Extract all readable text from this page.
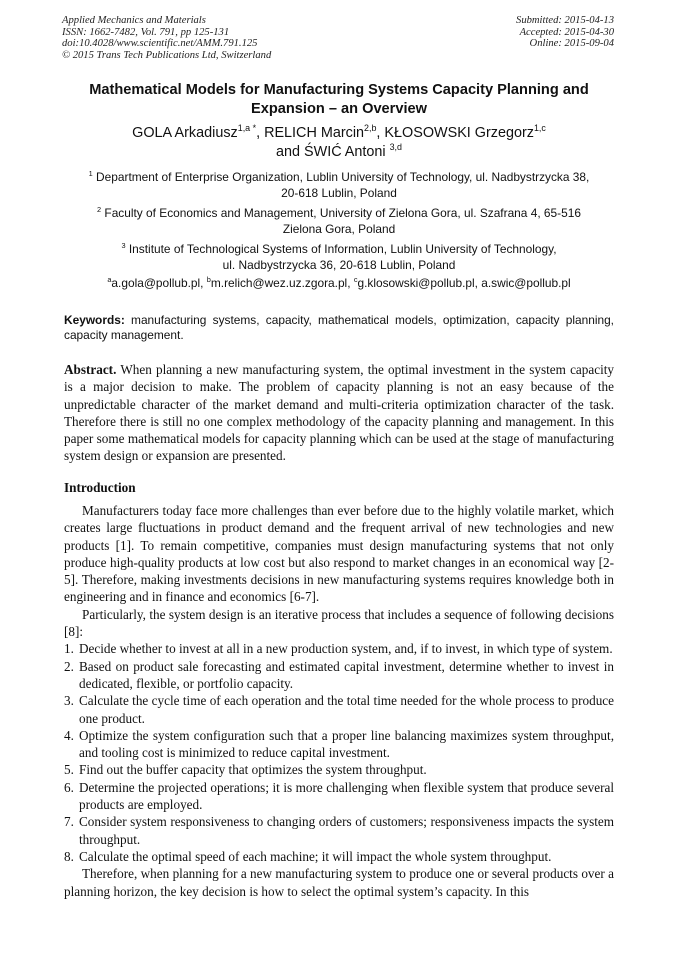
Applied Mechanics and Materials
ISSN: 1662-7482, Vol. 791, pp 125-131
doi:10.4028/www.scientific.net/AMM.791.125
© 2015 Trans Tech Publications Ltd, Switzerland
Submitted: 2015-04-13
Accepted: 2015-04-30
Online: 2015-09-04
Mathematical Models for Manufacturing Systems Capacity Planning and
Expansion – an Overview
GOLA Arkadiusz$^{1,a *}$, RELICH Marcin$^{2,b}$, KŁOSOWSKI Grzegorz$^{1,c}$
and ŚWIĆ Antoni $^{3,d}$
$^1$ Department of Enterprise Organization, Lublin University of Technology, ul. Nadbystrzycka 38,
20-618 Lublin, Poland
$^2$ Faculty of Economics and Management, University of Zielona Gora, ul. Szafrana 4, 65-516
Zielona Gora, Poland
$^3$ Institute of Technological Systems of Information, Lublin University of Technology,
ul. Nadbystrzycka 36, 20-618 Lublin, Poland
$^a$a.gola@pollub.pl, $^b$m.relich@wez.uz.zgora.pl, $^c$g.klosowski@pollub.pl, a.swic@pollub.pl
Keywords: manufacturing systems, capacity, mathematical models, optimization, capacity planning, capacity management.
Abstract. When planning a new manufacturing system, the optimal investment in the system capacity is a major decision to make. The problem of capacity planning is not an easy because of the unpredictable character of the market demand and multi-criteria optimization character of the task. Therefore there is still no one complex methodology of the capacity planning and management. In this paper some mathematical models for capacity planning which can be used at the stage of manufacturing system design or expansion are presented.
Introduction

Manufacturers today face more challenges than ever before due to the highly volatile market, which creates large fluctuations in product demand and the frequent arrival of new technologies and new products [1]. To remain competitive, companies must design manufacturing systems that not only produce high-quality products at low cost but also respond to market changes in an economical way [2-5]. Therefore, making investments decisions in new manufacturing systems requires knowledge both in engineering and in finance and economics [6-7].

Particularly, the system design is an iterative process that includes a sequence of following decisions [8]:

1. Decide whether to invest at all in a new production system, and, if to invest, in which type of system.
2. Based on product sale forecasting and estimated capital investment, determine whether to invest in dedicated, flexible, or portfolio capacity.
3. Calculate the cycle time of each operation and the total time needed for the whole process to produce one product.
4. Optimize the system configuration such that a proper line balancing maximizes system throughput, and tooling cost is minimized to reduce capital investment.
5. Find out the buffer capacity that optimizes the system throughput.
6. Determine the projected operations; it is more challenging when flexible system that produce several products are employed.
7. Consider system responsiveness to changing orders of customers; responsiveness impacts the system throughput.
8. Calculate the optimal speed of each machine; it will impact the whole system throughput.

Therefore, when planning for a new manufacturing system to produce one or several products over a planning horizon, the key decision is how to select the optimal system’s capacity. In this
